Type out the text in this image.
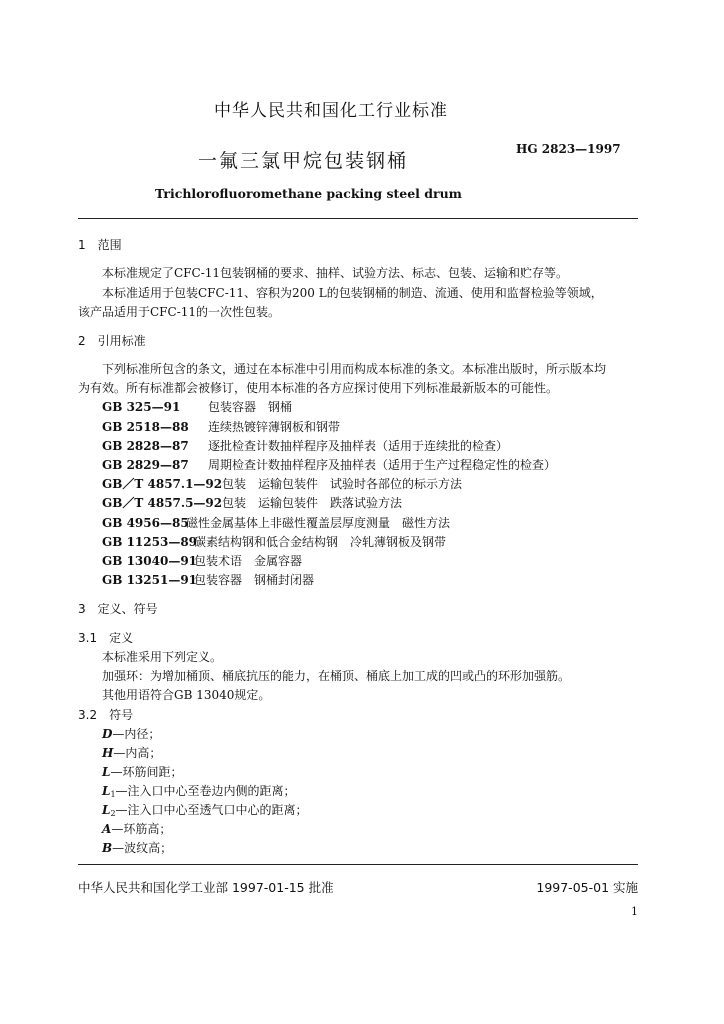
中华人民共和国化工行业标准
一氟三氯甲烷包装钢桶
HG 2823—1997
Trichlorofluoromethane packing steel drum
1　范围
本标准规定了CFC-11包装钢桶的要求、抽样、试验方法、标志、包装、运输和贮存等。
本标准适用于包装CFC-11、容积为200 L的包装钢桶的制造、流通、使用和监督检验等领域，
该产品适用于CFC-11的一次性包装。
2　引用标准
下列标准所包含的条文，通过在本标准中引用而构成本标准的条文。本标准出版时，所示版本均
为有效。所有标准都会被修订，使用本标准的各方应探讨使用下列标准最新版本的可能性。
GB 325—91 包装容器　钢桶
GB 2518—88 连续热镀锌薄钢板和钢带
GB 2828—87 逐批检查计数抽样程序及抽样表（适用于连续批的检查）
GB 2829—87 周期检查计数抽样程序及抽样表（适用于生产过程稳定性的检查）
GB／T 4857.1—92包装　运输包装件　试验时各部位的标示方法
GB／T 4857.5—92包装　运输包装件　跌落试验方法
GB 4956—85磁性金属基体上非磁性覆盖层厚度测量　磁性方法
GB 11253—89碳素结构钢和低合金结构钢　冷轧薄钢板及钢带
GB 13040—91包装术语　金属容器
GB 13251—91包装容器　钢桶封闭器
3　定义、符号
3.1　定义
本标准采用下列定义。
加强环：为增加桶顶、桶底抗压的能力，在桶顶、桶底上加工成的凹或凸的环形加强筋。
其他用语符合GB 13040规定。
3.2　符号
D—内径；
H—内高；
L—环筋间距；
L1—注入口中心至卷边内侧的距离；
L2—注入口中心至透气口中心的距离；
A—环筋高；
B—波纹高；
中华人民共和国化学工业部 1997-01-15 批准	1997-05-01 实施
1
